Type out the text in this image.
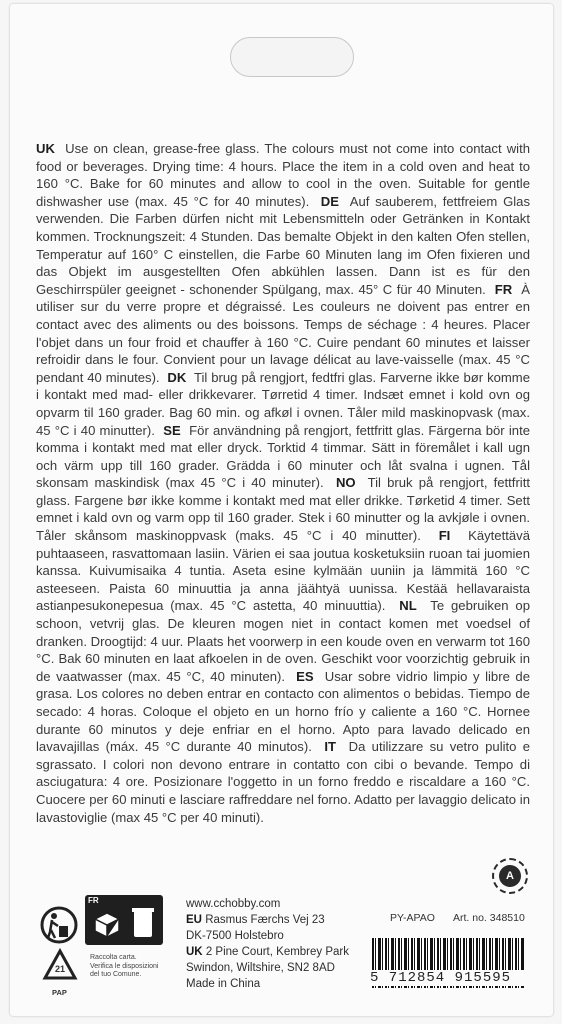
UK Use on clean, grease-free glass. The colours must not come into contact with food or beverages. Drying time: 4 hours. Place the item in a cold oven and heat to 160 °C. Bake for 60 minutes and allow to cool in the oven. Suitable for gentle dishwasher use (max. 45 °C for 40 minutes). DE Auf sauberem, fettfreiem Glas verwenden. Die Farben dürfen nicht mit Lebensmitteln oder Getränken in Kontakt kommen. Trocknungszeit: 4 Stunden. Das bemalte Objekt in den kalten Ofen stellen, Temperatur auf 160° C einstellen, die Farbe 60 Minuten lang im Ofen fixieren und das Objekt im ausgestellten Ofen abkühlen lassen. Dann ist es für den Geschirrspüler geeignet - schonender Spülgang, max. 45° C für 40 Minuten. FR À utiliser sur du verre propre et dégraissé. Les couleurs ne doivent pas entrer en contact avec des aliments ou des boissons. Temps de séchage : 4 heures. Placer l'objet dans un four froid et chauffer à 160 °C. Cuire pendant 60 minutes et laisser refroidir dans le four. Convient pour un lavage délicat au lave-vaisselle (max. 45 °C pendant 40 minutes). DK Til brug på rengjort, fedtfri glas. Farverne ikke bør komme i kontakt med mad- eller drikkevarer. Tørretid 4 timer. Indsæt emnet i kold ovn og opvarm til 160 grader. Bag 60 min. og afkøl i ovnen. Tåler mild maskinopvask (max. 45 °C i 40 minutter). SE För användning på rengjort, fettfritt glas. Färgerna bör inte komma i kontakt med mat eller dryck. Torktid 4 timmar. Sätt in föremålet i kall ugn och värm upp till 160 grader. Grädda i 60 minuter och låt svalna i ugnen. Tål skonsam maskindisk (max 45 °C i 40 minuter). NO Til bruk på rengjort, fettfritt glass. Fargene bør ikke komme i kontakt med mat eller drikke. Tørketid 4 timer. Sett emnet i kald ovn og varm opp til 160 grader. Stek i 60 minutter og la avkjøle i ovnen. Tåler skånsom maskinoppvask (maks. 45 °C i 40 minutter). FI Käytettävä puhtaaseen, rasvattomaan lasiin. Värien ei saa joutua kosketuksiin ruoan tai juomien kanssa. Kuivumisaika 4 tuntia. Aseta esine kylmään uuniin ja lämmitä 160 °C asteeseen. Paista 60 minuuttia ja anna jäähtyä uunissa. Kestää hellavaraista astianpesukonepesua (max. 45 °C astetta, 40 minuuttia). NL Te gebruiken op schoon, vetvrij glas. De kleuren mogen niet in contact komen met voedsel of dranken. Droogtijd: 4 uur. Plaats het voorwerp in een koude oven en verwarm tot 160 °C. Bak 60 minuten en laat afkoelen in de oven. Geschikt voor voorzichtig gebruik in de vaatwasser (max. 45 °C, 40 minuten). ES Usar sobre vidrio limpio y libre de grasa. Los colores no deben entrar en contacto con alimentos o bebidas. Tiempo de secado: 4 horas. Coloque el objeto en un horno frío y caliente a 160 °C. Hornee durante 60 minutos y deje enfriar en el horno. Apto para lavado delicado en lavavajillas (máx. 45 °C durante 40 minutos). IT Da utilizzare su vetro pulito e sgrassato. I colori non devono entrare in contatto con cibi o bevande. Tempo di asciugatura: 4 ore. Posizionare l'oggetto in un forno freddo e riscaldare a 160 °C. Cuocere per 60 minuti e lasciare raffreddare nel forno. Adatto per lavaggio delicato in lavastoviglie (max 45 °C per 40 minuti).
A
21
PAP
FR
Raccolta carta.
Verifica le disposizioni
del tuo Comune.
www.cchobby.com
EU Rasmus Færchs Vej 23
DK-7500 Holstebro
UK 2 Pine Court, Kembrey Park
Swindon, Wiltshire, SN2 8AD
Made in China
PY-APAO Art. no. 348510
5 712854 915595
